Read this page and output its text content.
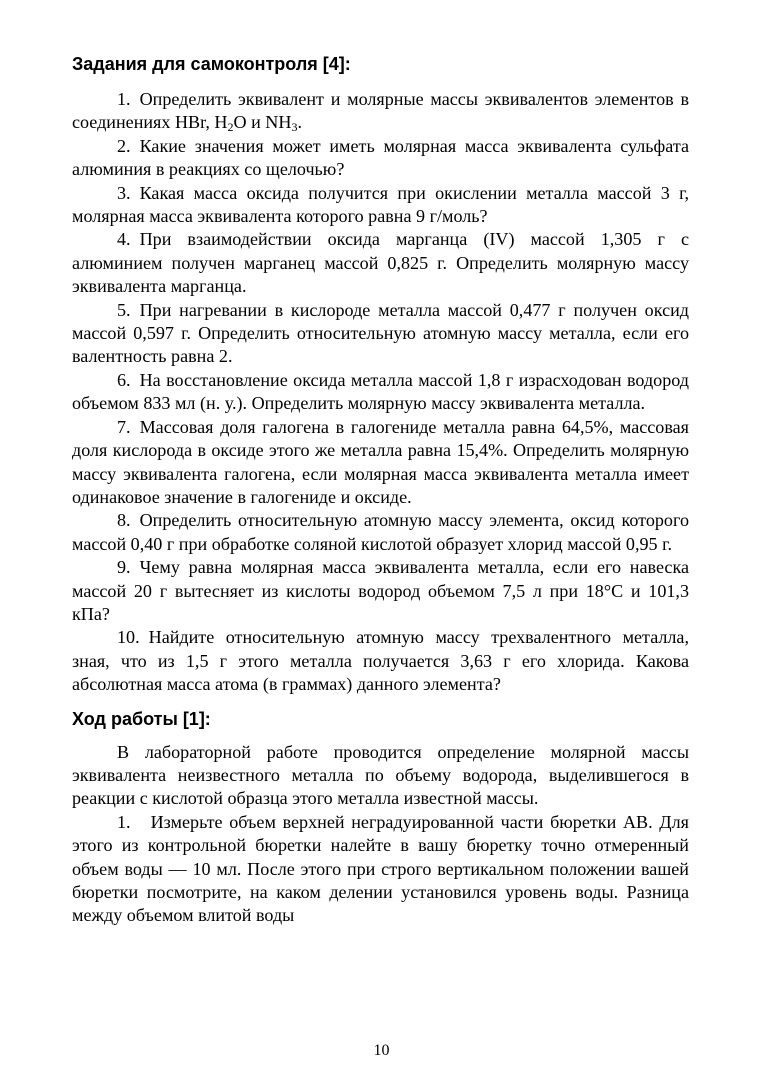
Задания для самоконтроля [4]:

1. Определить эквивалент и молярные массы эквивалентов элементов в соединениях HBr, $H_2O$ и $NH_3$.

2. Какие значения может иметь молярная масса эквивалента сульфата алюминия в реакциях со щелочью?

3. Какая масса оксида получится при окислении металла массой 3 г, молярная масса эквивалента которого равна 9 г/моль?

4. При взаимодействии оксида марганца (IV) массой 1,305 г с алюминием получен марганец массой 0,825 г. Определить молярную массу эквивалента марганца.

5. При нагревании в кислороде металла массой 0,477 г получен оксид массой 0,597 г. Определить относительную атомную массу металла, если его валентность равна 2.

6. На восстановление оксида металла массой 1,8 г израсходован водород объемом 833 мл (н. у.). Определить молярную массу эквивалента металла.

7. Массовая доля галогена в галогениде металла равна 64,5%, массовая доля кислорода в оксиде этого же металла равна 15,4%. Определить молярную массу эквивалента галогена, если молярная масса эквивалента металла имеет одинаковое значение в галогениде и оксиде.

8. Определить относительную атомную массу элемента, оксид которого массой 0,40 г при обработке соляной кислотой образует хлорид массой 0,95 г.

9. Чему равна молярная масса эквивалента металла, если его навеска массой 20 г вытесняет из кислоты водород объемом 7,5 л при 18°С и 101,3 кПа?

10. Найдите относительную атомную массу трехвалентного металла, зная, что из 1,5 г этого металла получается 3,63 г его хлорида. Какова абсолютная масса атома (в граммах) данного элемента?

Ход работы [1]:

В лабораторной работе проводится определение молярной массы эквивалента неизвестного металла по объему водорода, выделившегося в реакции с кислотой образца этого металла известной массы.

1. Измерьте объем верхней неградуированной части бюретки АВ. Для этого из контрольной бюретки налейте в вашу бюретку точно отмеренный объем воды — 10 мл. После этого при строго вертикальном положении вашей бюретки посмотрите, на каком делении установился уровень воды. Разница между объемом влитой воды

10
